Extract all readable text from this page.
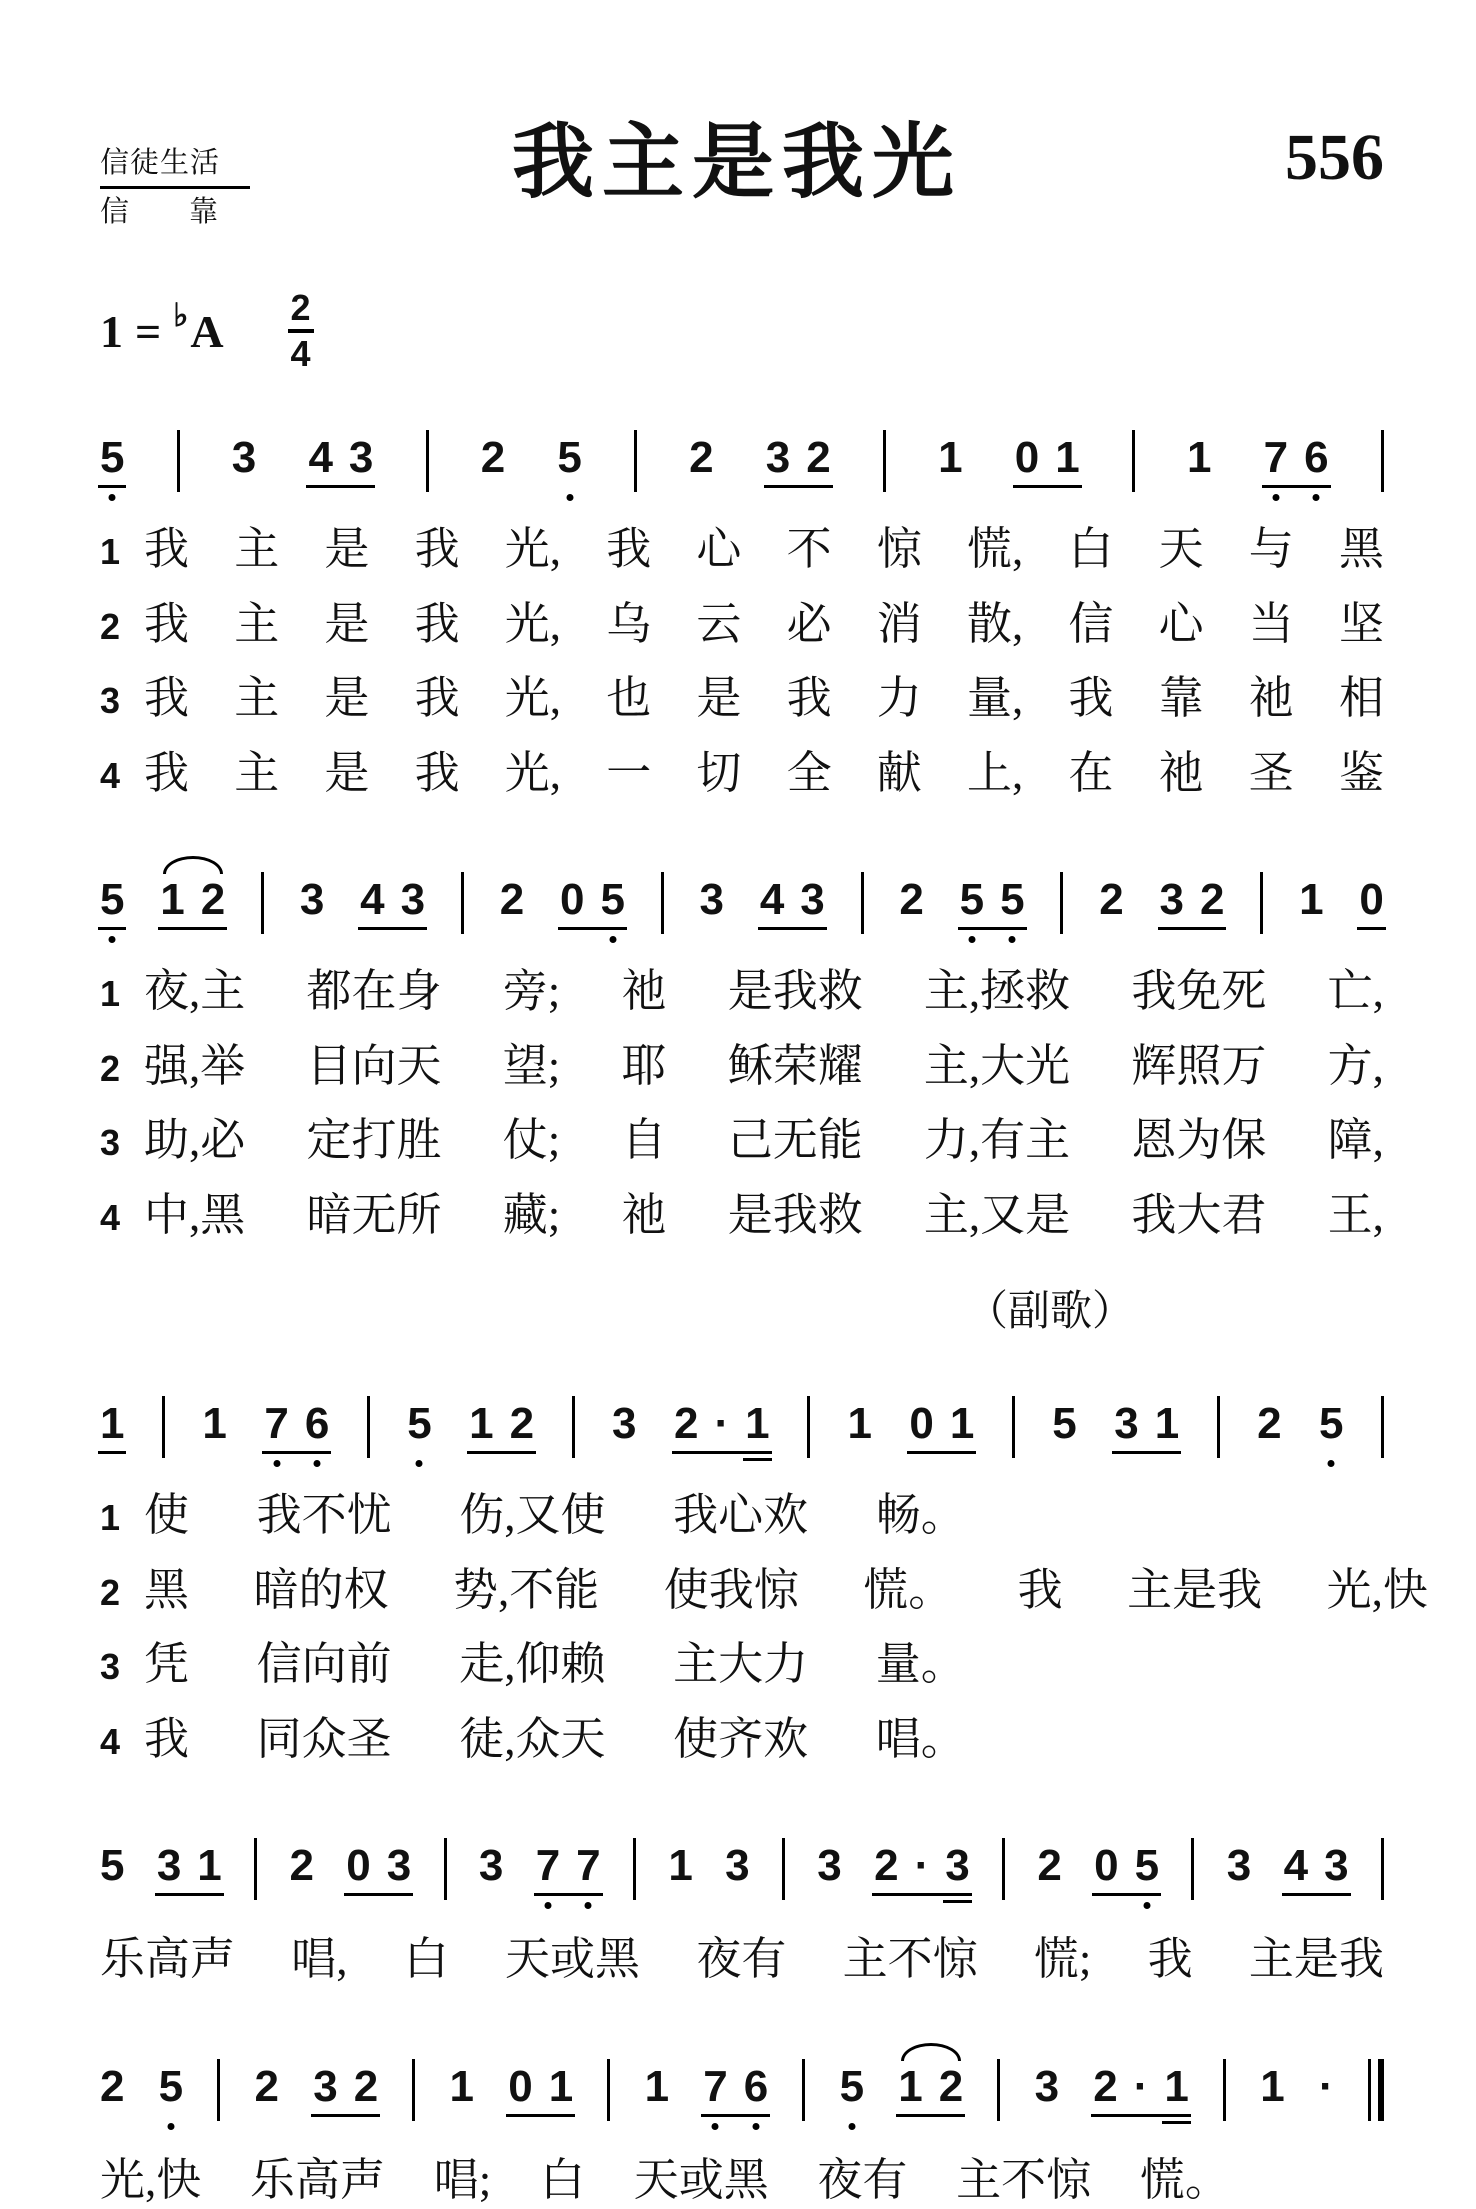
信徒生活
信 靠
我主是我光	556
1 = ♭ A 2
4
5 3 4 3 2 5 2 3 2 1 0 1 1 7 6
1 我 主 是 我 光, 我 心 不 惊 慌, 白 天 与 黑
2 我 主 是 我 光, 乌 云 必 消 散, 信 心 当 坚
3 我 主 是 我 光, 也 是 我 力 量, 我 靠 祂 相
4 我 主 是 我 光, 一 切 全 献 上, 在 祂 圣 鉴
5 1 2 3 4 3 2 0 5 3 4 3 2 5 5 2 3 2 1 0
1 夜,主 都在身 旁; 祂 是我救 主,拯救 我免死 亡,
2 强,举 目向天 望; 耶 稣荣耀 主,大光 辉照万 方,
3 助,必 定打胜 仗; 自 己无能 力,有主 恩为保 障,
4 中,黑 暗无所 藏; 祂 是我救 主,又是 我大君 王,
（副歌）
1 1 7 6 5 1 2 3 2 · 1 1 0 1 5 3 1 2 5
1 使 我不忧 伤,又使 我心欢 畅。
2 黑 暗的权 势,不能 使我惊 慌。 我 主是我 光,快
3 凭 信向前 走,仰赖 主大力 量。
4 我 同众圣 徒,众天 使齐欢 唱。
5 3 1 2 0 3 3 7 7 1 3 3 2 · 3 2 0 5 3 4 3
乐高声 唱, 白 天或黑 夜有 主不惊 慌; 我 主是我
2 5 2 3 2 1 0 1 1 7 6 5 1 2 3 2 · 1 1 ·
光,快 乐高声 唱; 白 天或黑 夜有 主不惊 慌。
